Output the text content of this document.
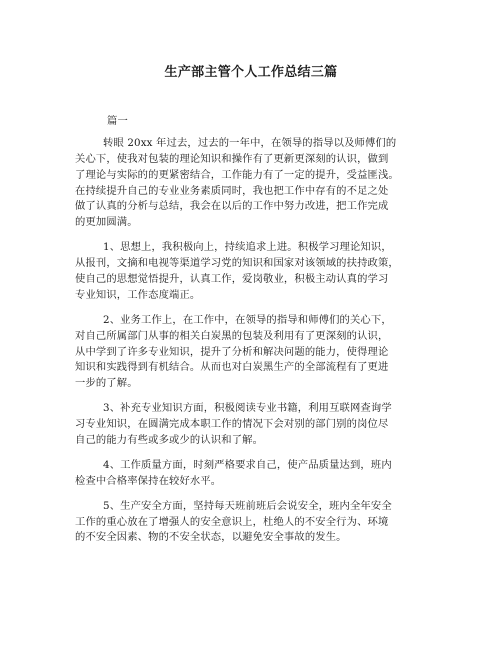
生产部主管个人工作总结三篇
篇一
转眼 20xx 年过去，过去的一年中，在领导的指导以及师傅们的
关心下，使我对包装的理论知识和操作有了更新更深刻的认识，做到
了理论与实际的的更紧密结合，工作能力有了一定的提升，受益匪浅。
在持续提升自己的专业业务素质同时，我也把工作中存有的不足之处
做了认真的分析与总结，我会在以后的工作中努力改进，把工作完成
的更加圆满。
1、思想上，我积极向上，持续追求上进。积极学习理论知识，
从报刊，文摘和电视等渠道学习党的知识和国家对该领域的扶持政策，
使自己的思想觉悟提升，认真工作，爱岗敬业，积极主动认真的学习
专业知识，工作态度端正。
2、业务工作上，在工作中，在领导的指导和师傅们的关心下，
对自己所属部门从事的相关白炭黑的包装及利用有了更深刻的认识，
从中学到了许多专业知识，提升了分析和解决问题的能力，使得理论
知识和实践得到有机结合。从而也对白炭黑生产的全部流程有了更进
一步的了解。
3、补充专业知识方面，积极阅读专业书籍，利用互联网查询学
习专业知识，在圆满完成本职工作的情况下会对别的部门别的岗位尽
自己的能力有些或多或少的认识和了解。
4、工作质量方面，时刻严格要求自己，使产品质量达到，班内
检查中合格率保持在较好水平。
5、生产安全方面，坚持每天班前班后会说安全，班内全年安全
工作的重心放在了增强人的安全意识上，杜绝人的不安全行为、环境
的不安全因素、物的不安全状态，以避免安全事故的发生。
